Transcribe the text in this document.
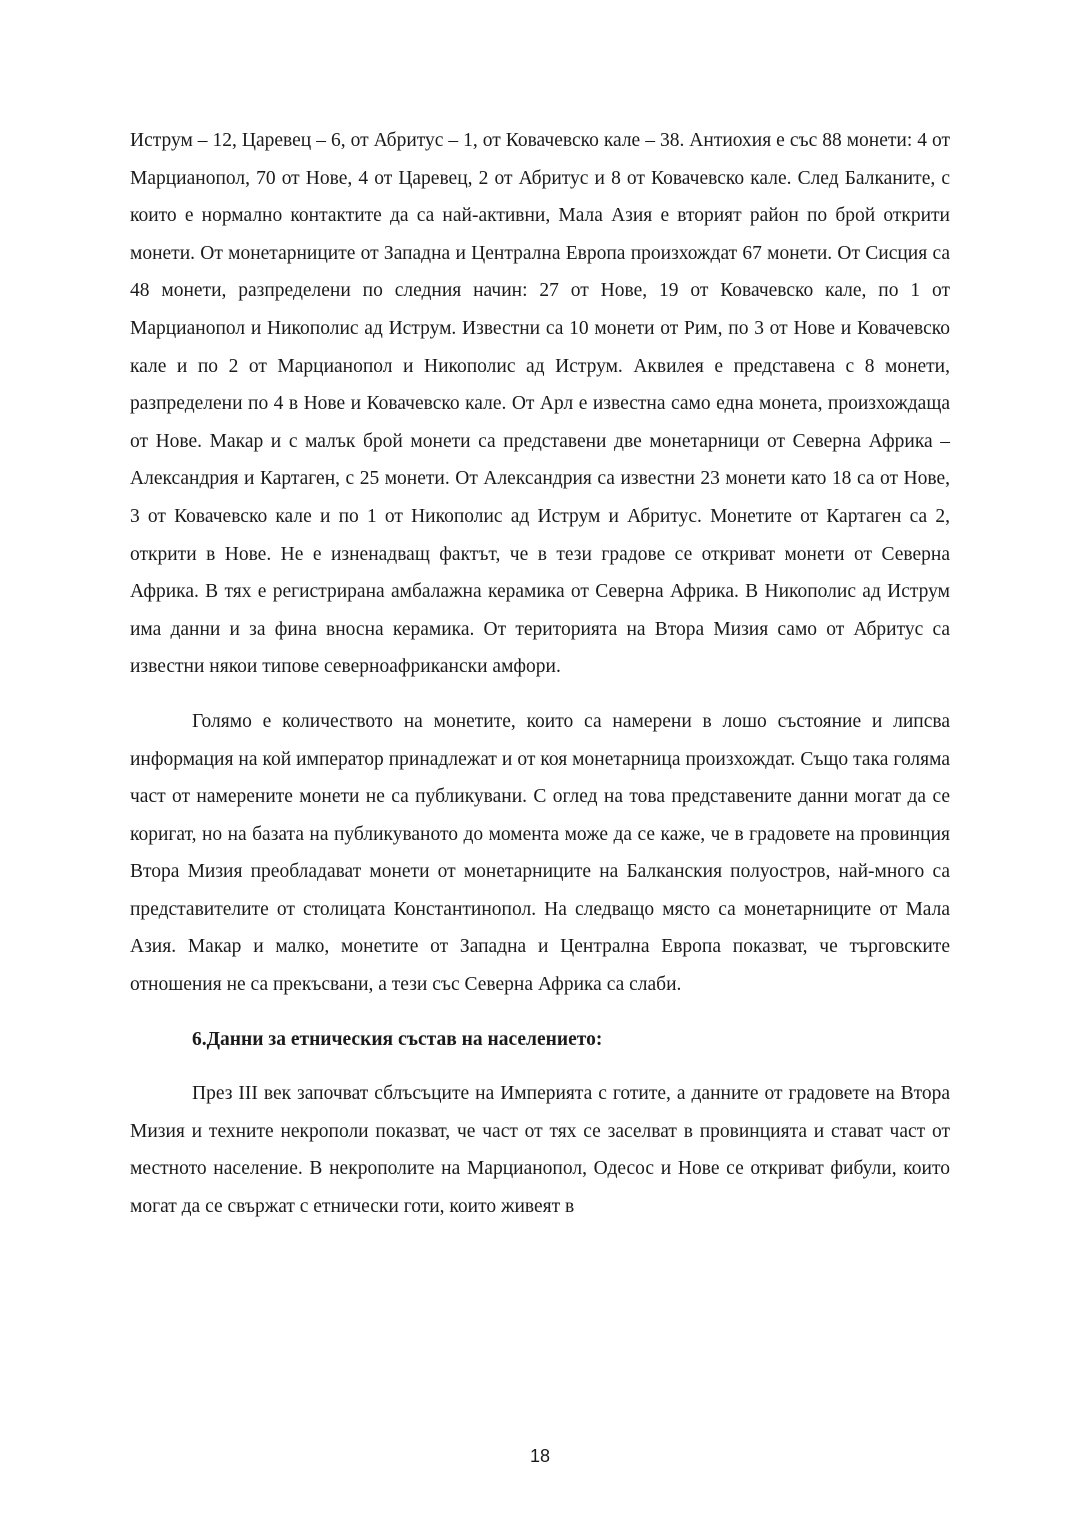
Иструм – 12, Царевец – 6, от Абритус – 1, от Ковачевско кале – 38. Антиохия е със 88 монети: 4 от Марцианопол, 70 от Нове, 4 от Царевец, 2 от Абритус и 8 от Ковачевско кале. След Балканите, с които е нормално контактите да са най-активни, Мала Азия е вторият район по брой открити монети. От монетарниците от Западна и Централна Европа произхождат 67 монети. От Сисция са 48 монети, разпределени по следния начин: 27 от Нове, 19 от Ковачевско кале, по 1 от Марцианопол и Никополис ад Иструм. Известни са 10 монети от Рим, по 3 от Нове и Ковачевско кале и по 2 от Марцианопол и Никополис ад Иструм. Аквилея е представена с 8 монети, разпределени по 4 в Нове и Ковачевско кале. От Арл е известна само една монета, произхождаща от Нове. Макар и с малък брой монети са представени две монетарници от Северна Африка – Александрия и Картаген, с 25 монети. От Александрия са известни 23 монети като 18 са от Нове, 3 от Ковачевско кале и по 1 от Никополис ад Иструм и Абритус. Монетите от Картаген са 2, открити в Нове. Не е изненадващ фактът, че в тези градове се откриват монети от Северна Африка. В тях е регистрирана амбалажна керамика от Северна Африка. В Никополис ад Иструм има данни и за фина вносна керамика. От територията на Втора Мизия само от Абритус са известни някои типове северноафрикански амфори.

Голямо е количеството на монетите, които са намерени в лошо състояние и липсва информация на кой император принадлежат и от коя монетарница произхождат. Също така голяма част от намерените монети не са публикувани. С оглед на това представените данни могат да се коригат, но на базата на публикуваното до момента може да се каже, че в градовете на провинция Втора Мизия преобладават монети от монетарниците на Балканския полуостров, най-много са представителите от столицата Константинопол. На следващо място са монетарниците от Мала Азия. Макар и малко, монетите от Западна и Централна Европа показват, че търговските отношения не са прекъсвани, а тези със Северна Африка са слаби.

6.Данни за етническия състав на населението:

През III век започват сблъсъците на Империята с готите, а данните от градовете на Втора Мизия и техните некрополи показват, че част от тях се заселват в провинцията и стават част от местното население. В некрополите на Марцианопол, Одесос и Нове се откриват фибули, които могат да се свържат с етнически готи, които живеят в

18
